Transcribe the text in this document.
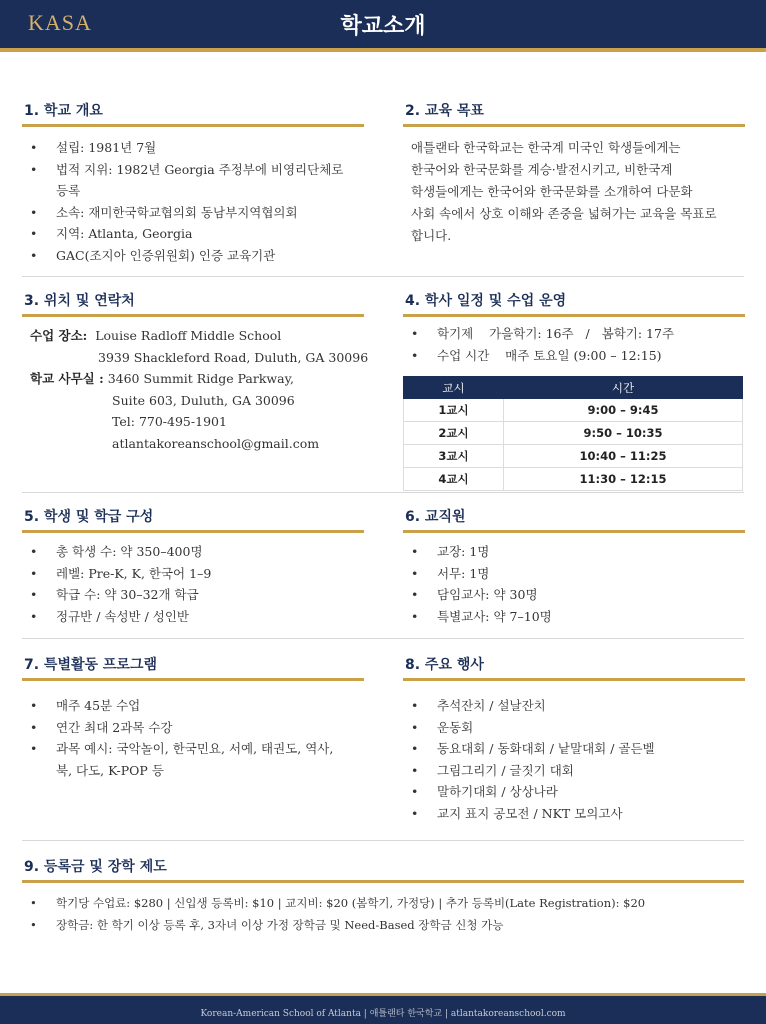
KASA	학교소개
1. 학교 개요
• 설립: 1981년 7월
• 법적 지위: 1982년 Georgia 주정부에 비영리단체로
등록
• 소속: 재미한국학교협의회 동남부지역협의회
• 지역: Atlanta, Georgia
• GAC(조지아 인증위원회) 인증 교육기관
2. 교육 목표
애틀랜타 한국학교는 한국계 미국인 학생들에게는
한국어와 한국문화를 계승·발전시키고, 비한국계
학생들에게는 한국어와 한국문화를 소개하여 다문화
사회 속에서 상호 이해와 존중을 넓혀가는 교육을 목표로
합니다.
3. 위치 및 연락처
수업 장소: Louise Radloff Middle School
3939 Shackleford Road, Duluth, GA 30096
학교 사무실 : 3460 Summit Ridge Parkway,
Suite 603, Duluth, GA 30096
Tel: 770-495-1901
atlantakoreanschool@gmail.com
4. 학사 일정 및 수업 운영
• 학기제    가을학기: 16주   /   봄학기: 17주
• 수업 시간    매주 토요일 (9:00 – 12:15)
교시	시간
1교시	9:00 – 9:45
2교시	9:50 – 10:35
3교시	10:40 – 11:25
4교시	11:30 – 12:15
5. 학생 및 학급 구성
• 총 학생 수: 약 350–400명
• 레벨: Pre-K, K, 한국어 1–9
• 학급 수: 약 30–32개 학급
• 정규반 / 속성반 / 성인반
6. 교직원
• 교장: 1명
• 서무: 1명
• 담임교사: 약 30명
• 특별교사: 약 7–10명
7. 특별활동 프로그램
• 매주 45분 수업
• 연간 최대 2과목 수강
• 과목 예시: 국악놀이, 한국민요, 서예, 태권도, 역사,
북, 다도, K-POP 등
8. 주요 행사
• 추석잔치 / 설날잔치
• 운동회
• 동요대회 / 동화대회 / 낱말대회 / 골든벨
• 그림그리기 / 글짓기 대회
• 말하기대회 / 상상나라
• 교지 표지 공모전 / NKT 모의고사
9. 등록금 및 장학 제도
• 학기당 수업료: $280 | 신입생 등록비: $10 | 교지비: $20 (봄학기, 가정당) | 추가 등록비(Late Registration): $20
• 장학금: 한 학기 이상 등록 후, 3자녀 이상 가정 장학금 및 Need-Based 장학금 신청 가능
Korean-American School of Atlanta | 애틀랜타 한국학교 | atlantakoreanschool.com
